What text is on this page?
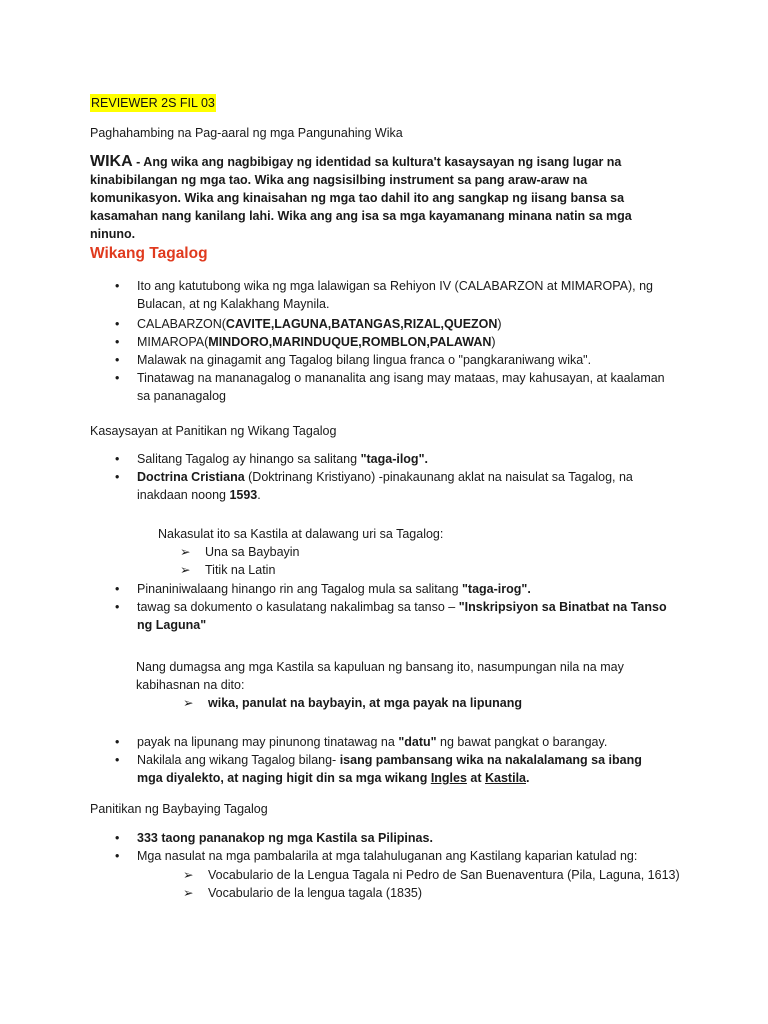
REVIEWER 2S FIL 03
Paghahambing na Pag-aaral ng mga Pangunahing Wika
WIKA - Ang wika ang nagbibigay ng identidad sa kultura't kasaysayan ng isang lugar na kinabibilangan ng mga tao. Wika ang nagsisilbing instrument sa pang araw-araw na komunikasyon. Wika ang kinaisahan ng mga tao dahil ito ang sangkap ng iisang bansa sa kasamahan nang kanilang lahi. Wika ang ang isa sa mga kayamanang minana natin sa mga ninuno.
Wikang Tagalog
• Ito ang katutubong wika ng mga lalawigan sa Rehiyon IV (CALABARZON at MIMAROPA), ng Bulacan, at ng Kalakhang Maynila.
• CALABARZON(CAVITE,LAGUNA,BATANGAS,RIZAL,QUEZON)
• MIMAROPA(MINDORO,MARINDUQUE,ROMBLON,PALAWAN)
• Malawak na ginagamit ang Tagalog bilang lingua franca o "pangkaraniwang wika".
• Tinatawag na mananagalog o mananalita ang isang may mataas, may kahusayan, at kaalaman sa pananagalog
Kasaysayan at Panitikan ng Wikang Tagalog
• Salitang Tagalog ay hinango sa salitang "taga-ilog".
• Doctrina Cristiana (Doktrinang Kristiyano) -pinakaunang aklat na naisulat sa Tagalog, na inakdaan noong 1593.
Nakasulat ito sa Kastila at dalawang uri sa Tagalog:
➢ Una sa Baybayin
➢ Titik na Latin
• Pinaniniwalaang hinango rin ang Tagalog mula sa salitang "taga-irog".
• tawag sa dokumento o kasulatang nakalimbag sa tanso – "Inskripsiyon sa Binatbat na Tanso ng Laguna"
Nang dumagsa ang mga Kastila sa kapuluan ng bansang ito, nasumpungan nila na may kabihasnan na dito:
➢ wika, panulat na baybayin, at mga payak na lipunang
• payak na lipunang may pinunong tinatawag na "datu" ng bawat pangkat o barangay.
• Nakilala ang wikang Tagalog bilang- isang pambansang wika na nakalalamang sa ibang mga diyalekto, at naging higit din sa mga wikang Ingles at Kastila.
Panitikan ng Baybaying Tagalog
• 333 taong pananakop ng mga Kastila sa Pilipinas.
• Mga nasulat na mga pambalarila at mga talahuluganan ang Kastilang kaparian katulad ng:
➢ Vocabulario de la Lengua Tagala ni Pedro de San Buenaventura (Pila, Laguna, 1613)
➢ Vocabulario de la lengua tagala (1835)
